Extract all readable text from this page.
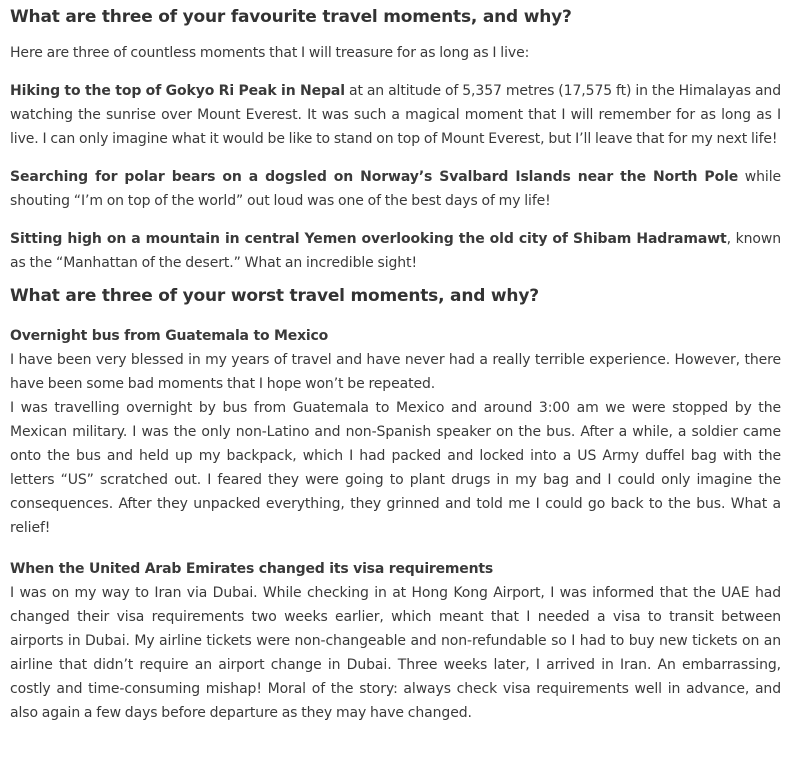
What are three of your favourite travel moments, and why?

Here are three of countless moments that I will treasure for as long as I live:

Hiking to the top of Gokyo Ri Peak in Nepal at an altitude of 5,357 metres (17,575 ft) in the Himalayas and watching the sunrise over Mount Everest. It was such a magical moment that I will remember for as long as I live. I can only imagine what it would be like to stand on top of Mount Everest, but I’ll leave that for my next life!

Searching for polar bears on a dogsled on Norway’s Svalbard Islands near the North Pole while shouting “I’m on top of the world” out loud was one of the best days of my life!

Sitting high on a mountain in central Yemen overlooking the old city of Shibam Hadramawt, known as the “Manhattan of the desert.” What an incredible sight!

What are three of your worst travel moments, and why?
Overnight bus from Guatemala to Mexico

I have been very blessed in my years of travel and have never had a really terrible experience. However, there have been some bad moments that I hope won’t be repeated.

I was travelling overnight by bus from Guatemala to Mexico and around 3:00 am we were stopped by the Mexican military. I was the only non-Latino and non-Spanish speaker on the bus. After a while, a soldier came onto the bus and held up my backpack, which I had packed and locked into a US Army duffel bag with the letters “US” scratched out. I feared they were going to plant drugs in my bag and I could only imagine the consequences. After they unpacked everything, they grinned and told me I could go back to the bus. What a relief!

When the United Arab Emirates changed its visa requirements

I was on my way to Iran via Dubai. While checking in at Hong Kong Airport, I was informed that the UAE had changed their visa requirements two weeks earlier, which meant that I needed a visa to transit between airports in Dubai. My airline tickets were non-changeable and non-refundable so I had to buy new tickets on an airline that didn’t require an airport change in Dubai. Three weeks later, I arrived in Iran. An embarrassing, costly and time-consuming mishap! Moral of the story: always check visa requirements well in advance, and also again a few days before departure as they may have changed.
